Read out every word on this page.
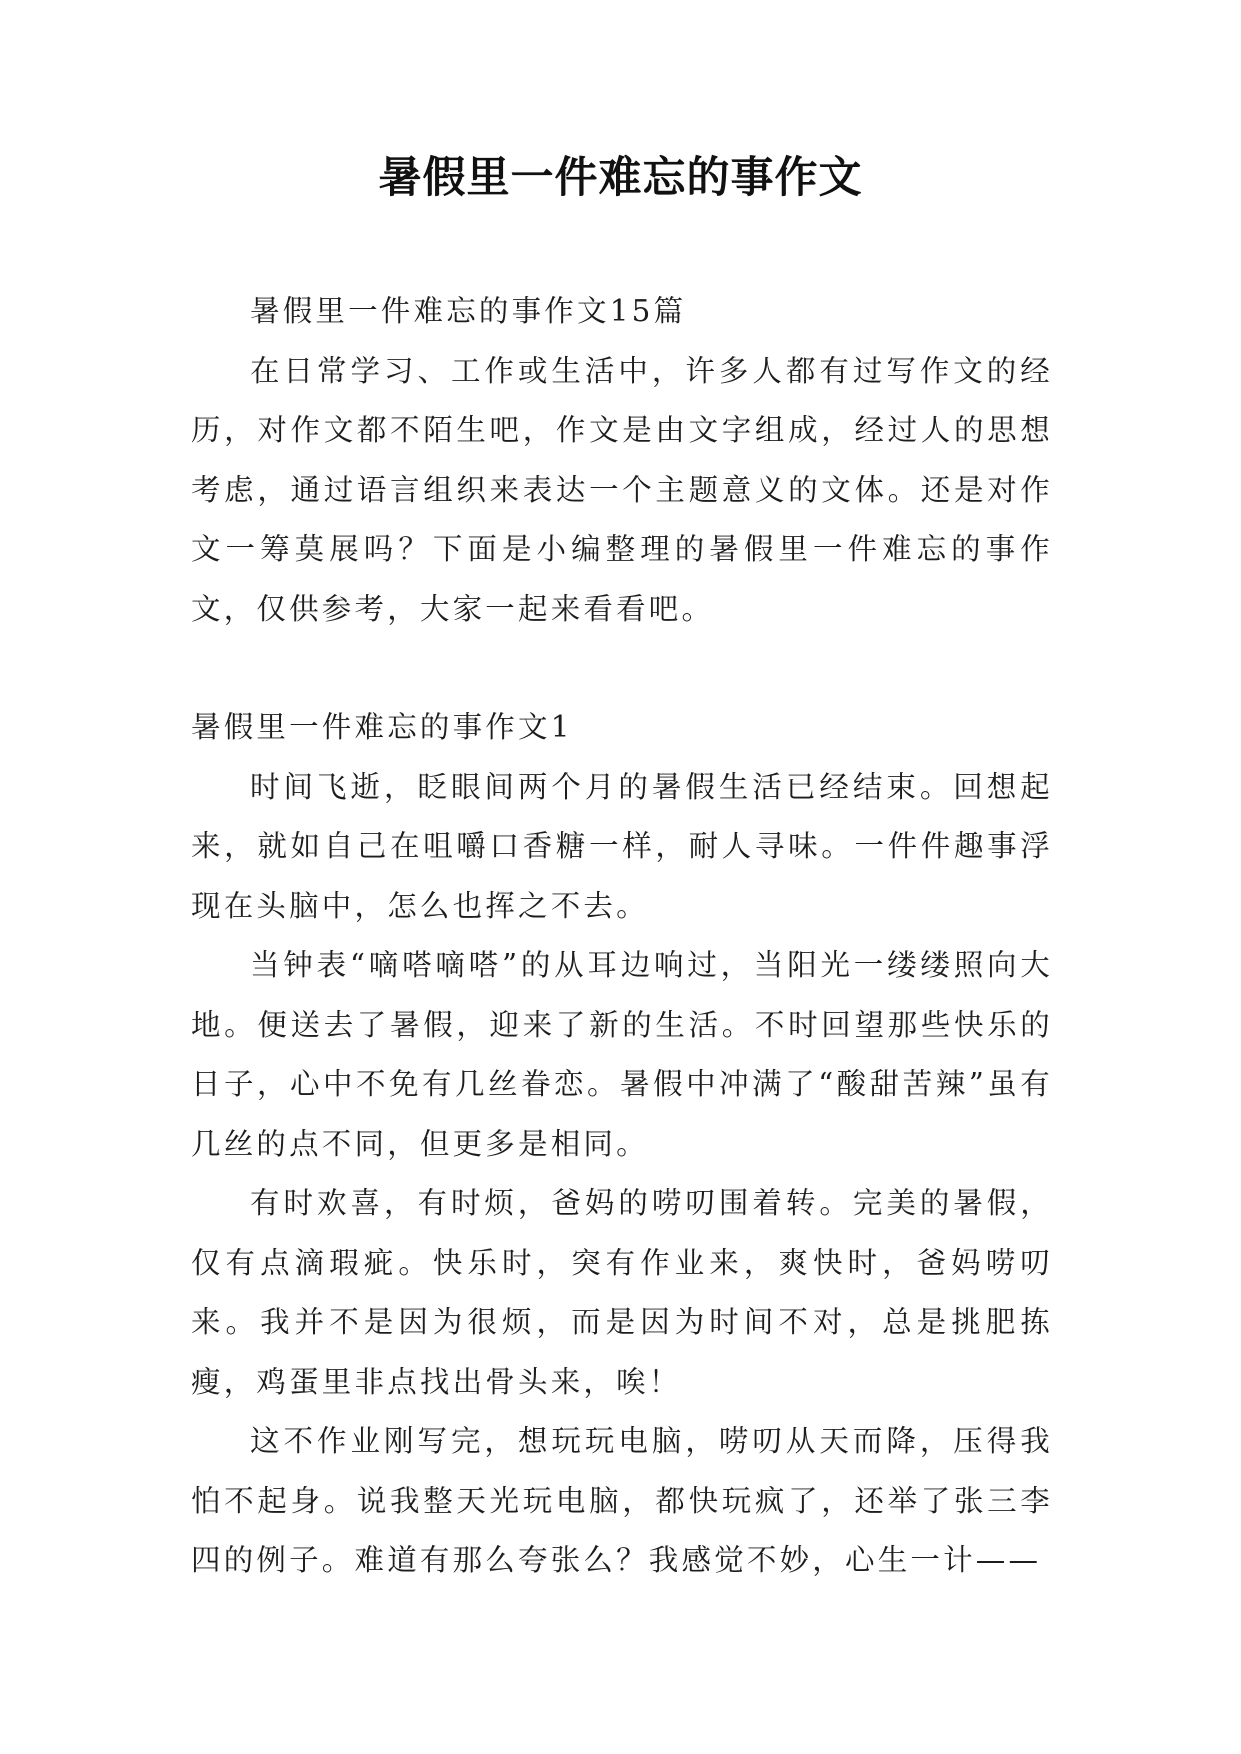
暑假里一件难忘的事作文

暑假里一件难忘的事作文15篇

在日常学习、工作或生活中，许多人都有过写作文的经历，对作文都不陌生吧，作文是由文字组成，经过人的思想考虑，通过语言组织来表达一个主题意义的文体。还是对作文一筹莫展吗？下面是小编整理的暑假里一件难忘的事作文，仅供参考，大家一起来看看吧。

暑假里一件难忘的事作文1

时间飞逝，眨眼间两个月的暑假生活已经结束。回想起来，就如自己在咀嚼口香糖一样，耐人寻味。一件件趣事浮现在头脑中，怎么也挥之不去。

当钟表“嘀嗒嘀嗒”的从耳边响过，当阳光一缕缕照向大地。便送去了暑假，迎来了新的生活。不时回望那些快乐的日子，心中不免有几丝眷恋。暑假中冲满了“酸甜苦辣”虽有几丝的点不同，但更多是相同。

有时欢喜，有时烦，爸妈的唠叨围着转。完美的暑假，仅有点滴瑕疵。快乐时，突有作业来，爽快时，爸妈唠叨来。我并不是因为很烦，而是因为时间不对，总是挑肥拣瘦，鸡蛋里非点找出骨头来，唉！

这不作业刚写完，想玩玩电脑，唠叨从天而降，压得我怕不起身。说我整天光玩电脑，都快玩疯了，还举了张三李四的例子。难道有那么夸张么？我感觉不妙，心生一计——
